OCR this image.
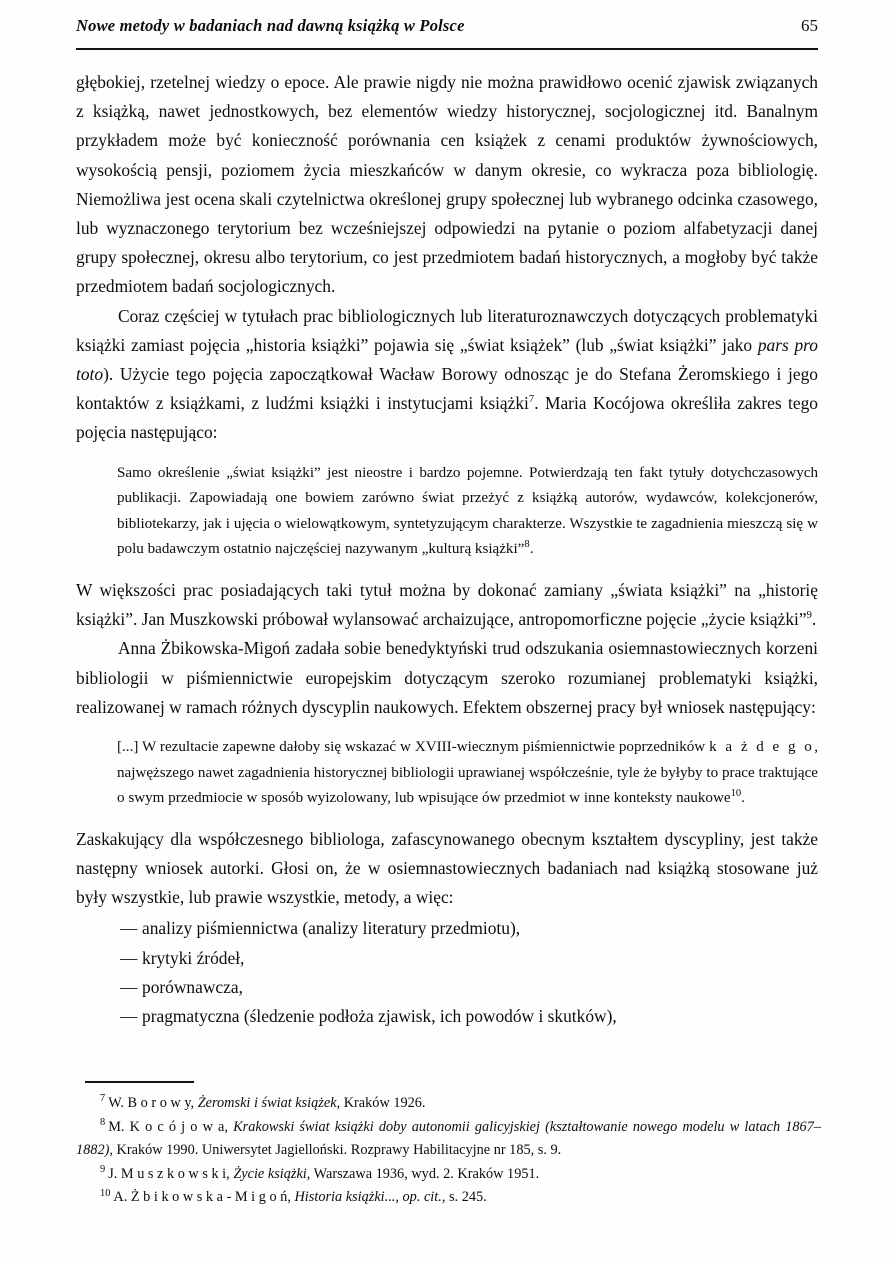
Nowe metody w badaniach nad dawną książką w Polsce	65

głębokiej, rzetelnej wiedzy o epoce. Ale prawie nigdy nie można prawidłowo ocenić zjawisk związanych z książką, nawet jednostkowych, bez elementów wiedzy historycznej, socjologicznej itd. Banalnym przykładem może być konieczność porównania cen książek z cenami produktów żywnościowych, wysokością pensji, poziomem życia mieszkańców w danym okresie, co wykracza poza bibliologię. Niemożliwa jest ocena skali czytelnictwa określonej grupy społecznej lub wybranego odcinka czasowego, lub wyznaczonego terytorium bez wcześniejszej odpowiedzi na pytanie o poziom alfabetyzacji danej grupy społecznej, okresu albo terytorium, co jest przedmiotem badań historycznych, a mogłoby być także przedmiotem badań socjologicznych.

Coraz częściej w tytułach prac bibliologicznych lub literaturoznawczych dotyczących problematyki książki zamiast pojęcia „historia książki” pojawia się „świat książek” (lub „świat książki” jako pars pro toto). Użycie tego pojęcia zapoczątkował Wacław Borowy odnosząc je do Stefana Żeromskiego i jego kontaktów z książkami, z ludźmi książki i instytucjami książki$^7$. Maria Kocójowa określiła zakres tego pojęcia następująco:

Samo określenie „świat książki” jest nieostre i bardzo pojemne. Potwierdzają ten fakt tytuły dotychczasowych publikacji. Zapowiadają one bowiem zarówno świat przeżyć z książką autorów, wydawców, kolekcjonerów, bibliotekarzy, jak i ujęcia o wielowątkowym, syntetyzującym charakterze. Wszystkie te zagadnienia mieszczą się w polu badawczym ostatnio najczęściej nazywanym „kulturą książki”$^8$.

W większości prac posiadających taki tytuł można by dokonać zamiany „świata książki” na „historię książki”. Jan Muszkowski próbował wylansować archaizujące, antropomorficzne pojęcie „życie książki”$^9$.

Anna Żbikowska-Migoń zadała sobie benedyktyński trud odszukania osiemnastowiecznych korzeni bibliologii w piśmiennictwie europejskim dotyczącym szeroko rozumianej problematyki książki, realizowanej w ramach różnych dyscyplin naukowych. Efektem obszernej pracy był wniosek następujący:

[...] W rezultacie zapewne dałoby się wskazać w XVIII-wiecznym piśmiennictwie poprzedników k a ż d e g o, najwęższego nawet zagadnienia historycznej bibliologii uprawianej współcześnie, tyle że byłyby to prace traktujące o swym przedmiocie w sposób wyizolowany, lub wpisujące ów przedmiot w inne konteksty naukowe$^{10}$.

Zaskakujący dla współczesnego bibliologa, zafascynowanego obecnym kształtem dyscypliny, jest także następny wniosek autorki. Głosi on, że w osiemnastowiecznych badaniach nad książką stosowane już były wszystkie, lub prawie wszystkie, metody, a więc:

— analizy piśmiennictwa (analizy literatury przedmiotu),
— krytyki źródeł,
— porównawcza,
— pragmatyczna (śledzenie podłoża zjawisk, ich powodów i skutków),

$^7$ W. B o r o w y, Żeromski i świat książek, Kraków 1926.

$^8$ M. K o c ó j o w a, Krakowski świat książki doby autonomii galicyjskiej (kształtowanie nowego modelu w latach 1867–1882), Kraków 1990. Uniwersytet Jagielloński. Rozprawy Habilitacyjne nr 185, s. 9.

$^9$ J. M u s z k o w s k i, Życie książki, Warszawa 1936, wyd. 2. Kraków 1951.

$^{10}$ A. Ż b i k o w s k a - M i g o ń, Historia książki..., op. cit., s. 245.
